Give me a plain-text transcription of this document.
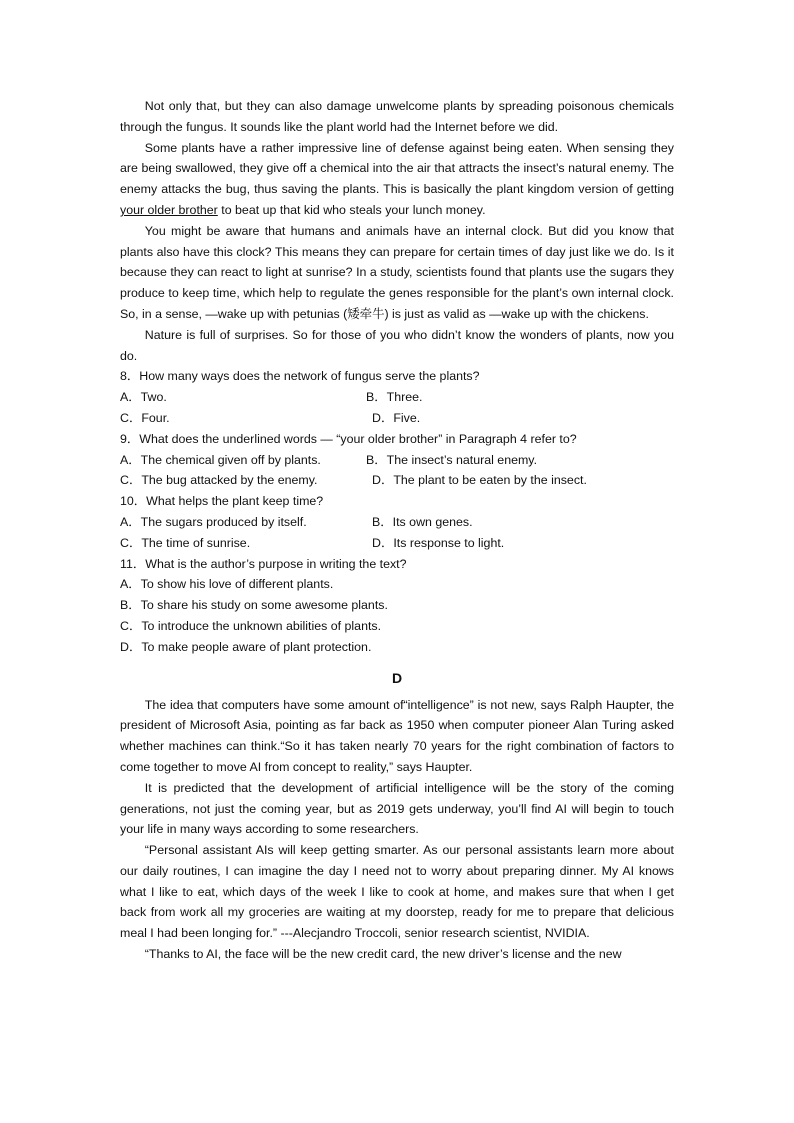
Not only that, but they can also damage unwelcome plants by spreading poisonous chemicals through the fungus. It sounds like the plant world had the Internet before we did.

Some plants have a rather impressive line of defense against being eaten. When sensing they are being swallowed, they give off a chemical into the air that attracts the insect’s natural enemy. The enemy attacks the bug, thus saving the plants. This is basically the plant kingdom version of getting your older brother to beat up that kid who steals your lunch money.

You might be aware that humans and animals have an internal clock. But did you know that plants also have this clock? This means they can prepare for certain times of day just like we do. Is it because they can react to light at sunrise? In a study, scientists found that plants use the sugars they produce to keep time, which help to regulate the genes responsible for the plant’s own internal clock. So, in a sense, —wake up with petunias (矮牵牛) is just as valid as —wake up with the chickens.

Nature is full of surprises. So for those of you who didn’t know the wonders of plants, now you do.

8．How many ways does the network of fungus serve the plants?

A．Two.	B．Three.
C．Four.	D．Five.

9．What does the underlined words — “your older brother” in Paragraph 4 refer to?

A．The chemical given off by plants.	B．The insect’s natural enemy.
C．The bug attacked by the enemy.	D．The plant to be eaten by the insect.

10．What helps the plant keep time?

A．The sugars produced by itself.	B．Its own genes.
C．The time of sunrise.	D．Its response to light.

11．What is the author’s purpose in writing the text?

A．To show his love of different plants.

B．To share his study on some awesome plants.

C．To introduce the unknown abilities of plants.

D．To make people aware of plant protection.

D

The idea that computers have some amount of“intelligence” is not new, says Ralph Haupter, the president of Microsoft Asia, pointing as far back as 1950 when computer pioneer Alan Turing asked whether machines can think.“So it has taken nearly 70 years for the right combination of factors to come together to move AI from concept to reality,” says Haupter.

It is predicted that the development of artificial intelligence will be the story of the coming generations, not just the coming year, but as 2019 gets underway, you’ll find AI will begin to touch your life in many ways according to some researchers.

“Personal assistant AIs will keep getting smarter. As our personal assistants learn more about our daily routines, I can imagine the day I need not to worry about preparing dinner. My AI knows what I like to eat, which days of the week I like to cook at home, and makes sure that when I get back from work all my groceries are waiting at my doorstep, ready for me to prepare that delicious meal I had been longing for.” ---Alecjandro Troccoli, senior research scientist, NVIDIA.

“Thanks to AI, the face will be the new credit card, the new driver’s license and the new
